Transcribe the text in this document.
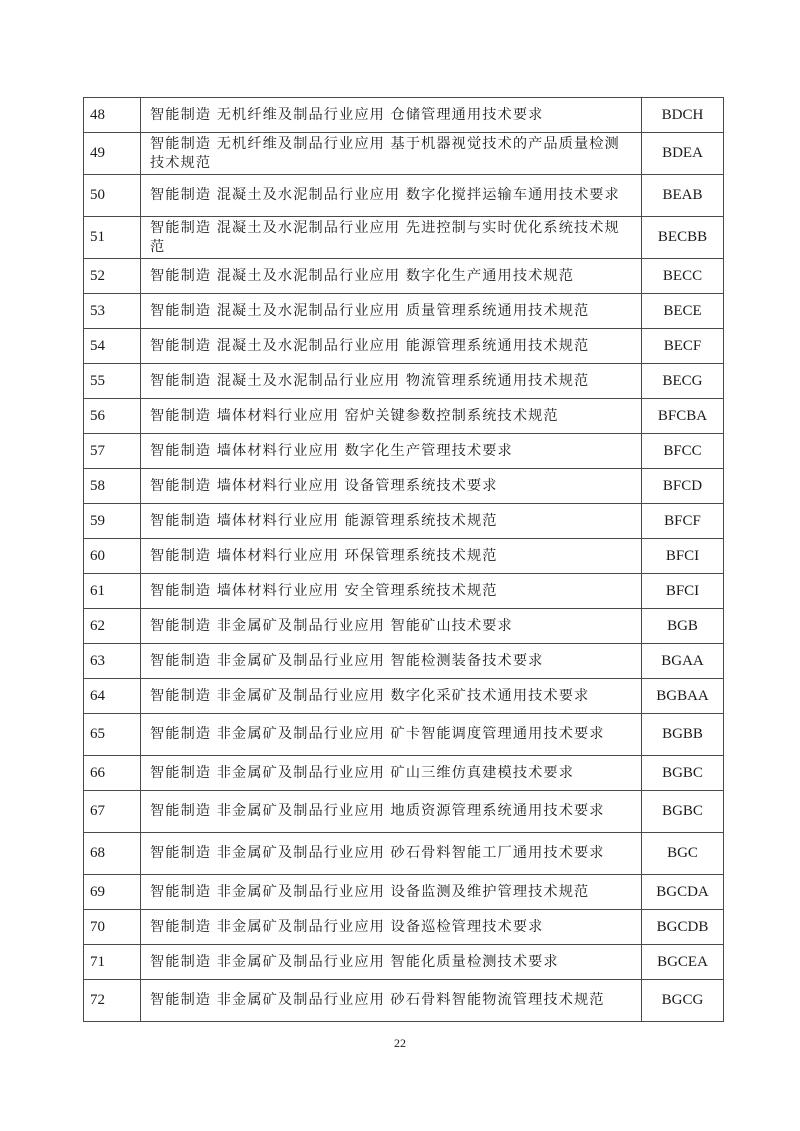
48	智能制造 无机纤维及制品行业应用 仓储管理通用技术要求	BDCH
49	智能制造 无机纤维及制品行业应用 基于机器视觉技术的产品质量检测技术规范	BDEA
50	智能制造 混凝土及水泥制品行业应用 数字化搅拌运输车通用技术要求	BEAB
51	智能制造 混凝土及水泥制品行业应用 先进控制与实时优化系统技术规范	BECBB
52	智能制造 混凝土及水泥制品行业应用 数字化生产通用技术规范	BECC
53	智能制造 混凝土及水泥制品行业应用 质量管理系统通用技术规范	BECE
54	智能制造 混凝土及水泥制品行业应用 能源管理系统通用技术规范	BECF
55	智能制造 混凝土及水泥制品行业应用 物流管理系统通用技术规范	BECG
56	智能制造 墙体材料行业应用 窑炉关键参数控制系统技术规范	BFCBA
57	智能制造 墙体材料行业应用 数字化生产管理技术要求	BFCC
58	智能制造 墙体材料行业应用 设备管理系统技术要求	BFCD
59	智能制造 墙体材料行业应用 能源管理系统技术规范	BFCF
60	智能制造 墙体材料行业应用 环保管理系统技术规范	BFCI
61	智能制造 墙体材料行业应用 安全管理系统技术规范	BFCI
62	智能制造 非金属矿及制品行业应用 智能矿山技术要求	BGB
63	智能制造 非金属矿及制品行业应用 智能检测装备技术要求	BGAA
64	智能制造 非金属矿及制品行业应用 数字化采矿技术通用技术要求	BGBAA
65	智能制造 非金属矿及制品行业应用 矿卡智能调度管理通用技术要求	BGBB
66	智能制造 非金属矿及制品行业应用 矿山三维仿真建模技术要求	BGBC
67	智能制造 非金属矿及制品行业应用 地质资源管理系统通用技术要求	BGBC
68	智能制造 非金属矿及制品行业应用 砂石骨料智能工厂通用技术要求	BGC
69	智能制造 非金属矿及制品行业应用 设备监测及维护管理技术规范	BGCDA
70	智能制造 非金属矿及制品行业应用 设备巡检管理技术要求	BGCDB
71	智能制造 非金属矿及制品行业应用 智能化质量检测技术要求	BGCEA
72	智能制造 非金属矿及制品行业应用 砂石骨料智能物流管理技术规范	BGCG
22
